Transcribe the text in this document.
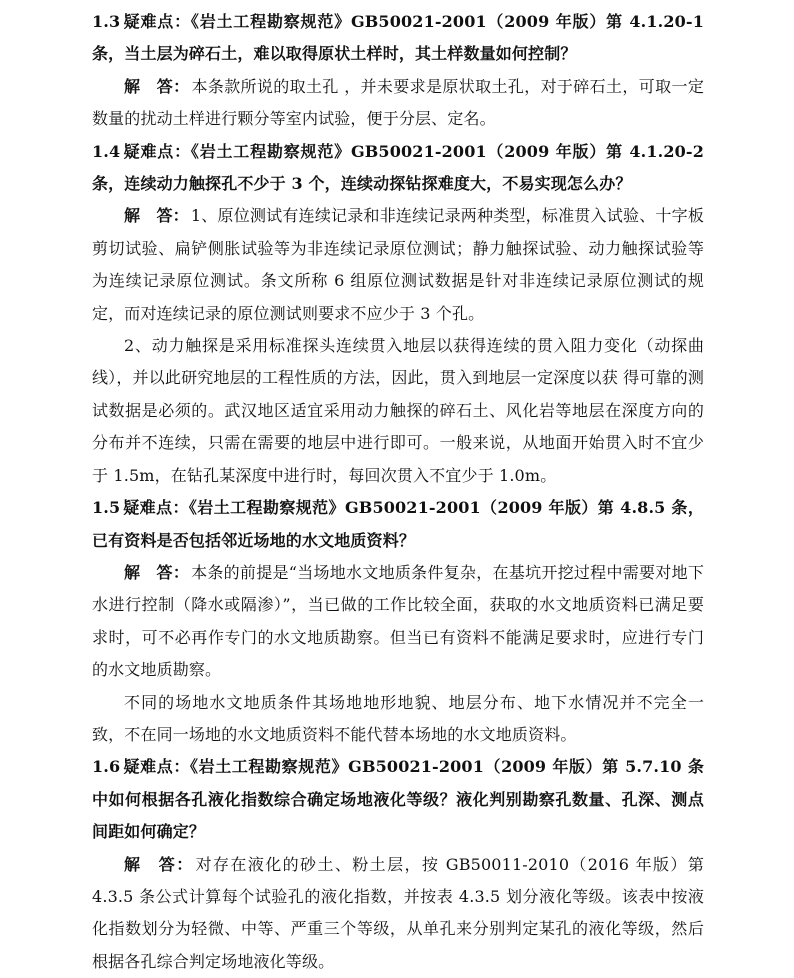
1.3 疑难点：《岩土工程勘察规范》GB50021-2001（2009 年版）第 4.1.20-1 条，当土层为碎石土，难以取得原状土样时，其土样数量如何控制？

解　答： 本条款所说的取土孔 ，并未要求是原状取土孔，对于碎石土，可取一定数量的扰动土样进行颗分等室内试验，便于分层、定名。

1.4 疑难点：《岩土工程勘察规范》GB50021-2001（2009 年版）第 4.1.20-2 条，连续动力触探孔不少于 3 个，连续动探钻探难度大，不易实现怎么办？

解　答： 1、原位测试有连续记录和非连续记录两种类型，标准贯入试验、十字板剪切试验、扁铲侧胀试验等为非连续记录原位测试；静力触探试验、动力触探试验等为连续记录原位测试。条文所称 6 组原位测试数据是针对非连续记录原位测试的规定，而对连续记录的原位测试则要求不应少于 3 个孔。

2、动力触探是采用标准探头连续贯入地层以获得连续的贯入阻力变化（动探曲线），并以此研究地层的工程性质的方法，因此，贯入到地层一定深度以获 得可靠的测试数据是必须的。武汉地区适宜采用动力触探的碎石土、风化岩等地层在深度方向的分布并不连续，只需在需要的地层中进行即可。一般来说，从地面开始贯入时不宜少于 1.5m，在钻孔某深度中进行时，每回次贯入不宜少于 1.0m。

1.5 疑难点：《岩土工程勘察规范》GB50021-2001（2009 年版）第 4.8.5 条，已有资料是否包括邻近场地的水文地质资料？

解　答： 本条的前提是“当场地水文地质条件复杂，在基坑开挖过程中需要对地下水进行控制（降水或隔渗）”，当已做的工作比较全面，获取的水文地质资料已满足要求时，可不必再作专门的水文地质勘察。但当已有资料不能满足要求时，应进行专门的水文地质勘察。

不同的场地水文地质条件其场地地形地貌、地层分布、地下水情况并不完全一致，不在同一场地的水文地质资料不能代替本场地的水文地质资料。

1.6 疑难点：《岩土工程勘察规范》GB50021-2001（2009 年版）第 5.7.10 条中如何根据各孔液化指数综合确定场地液化等级？液化判别勘察孔数量、孔深、测点间距如何确定？

解　答： 对存在液化的砂土、粉土层，按 GB50011-2010（2016 年版）第 4.3.5 条公式计算每个试验孔的液化指数，并按表 4.3.5 划分液化等级。该表中按液化指数划分为轻微、中等、严重三个等级，从单孔来分别判定某孔的液化等级，然后根据各孔综合判定场地液化等级。
